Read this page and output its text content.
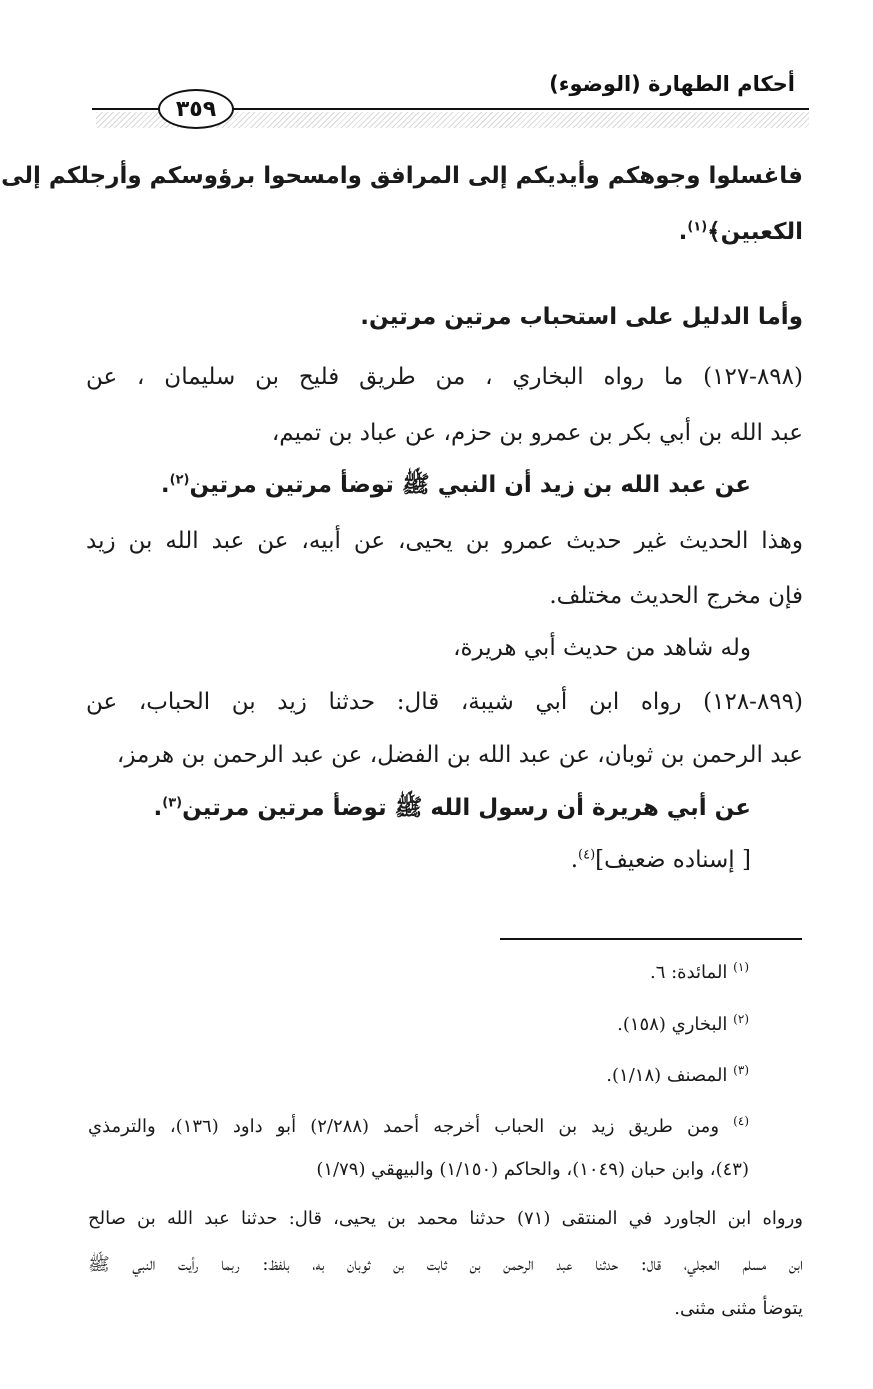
أحكام الطهارة (الوضوء)
٣٥٩
فاغسلوا وجوهكم وأيديكم إلى المرافق وامسحوا برؤوسكم وأرجلكم إلى
الكعبين﴾$^{(١)}$.
وأما الدليل على استحباب مرتين مرتين.
(٨٩٨-١٢٧) ما رواه البخاري ، من طريق فليح بن سليمان ، عن
عبد الله بن أبي بكر بن عمرو بن حزم، عن عباد بن تميم،
عن عبد الله بن زيد أن النبي ﷺ توضأ مرتين مرتين$^{(٢)}$.
وهذا الحديث غير حديث عمرو بن يحيى، عن أبيه، عن عبد الله بن زيد
فإن مخرج الحديث مختلف.
وله شاهد من حديث أبي هريرة،
(٨٩٩-١٢٨) رواه ابن أبي شيبة، قال: حدثنا زيد بن الحباب، عن
عبد الرحمن بن ثوبان، عن عبد الله بن الفضل، عن عبد الرحمن بن هرمز،
عن أبي هريرة أن رسول الله ﷺ توضأ مرتين مرتين$^{(٣)}$.
[ إسناده ضعيف]$^{(٤)}$.
$^{(١)}$ المائدة: ٦.
$^{(٢)}$ البخاري (١٥٨).
$^{(٣)}$ المصنف (١/١٨).
$^{(٤)}$ ومن طريق زيد بن الحباب أخرجه أحمد (٢/٢٨٨) أبو داود (١٣٦)، والترمذي
(٤٣)، وابن حبان (١٠٤٩)، والحاكم (١/١٥٠) والبيهقي (١/٧٩)
ورواه ابن الجاورد في المنتقى (٧١) حدثنا محمد بن يحيى، قال: حدثنا عبد الله بن صالح
ابن مسلم العجلي، قال: حدثنا عبد الرحمن بن ثابت بن ثوبان به، بلفظ: ربما رأيت النبي ﷺ
يتوضأ مثنى مثنى.
